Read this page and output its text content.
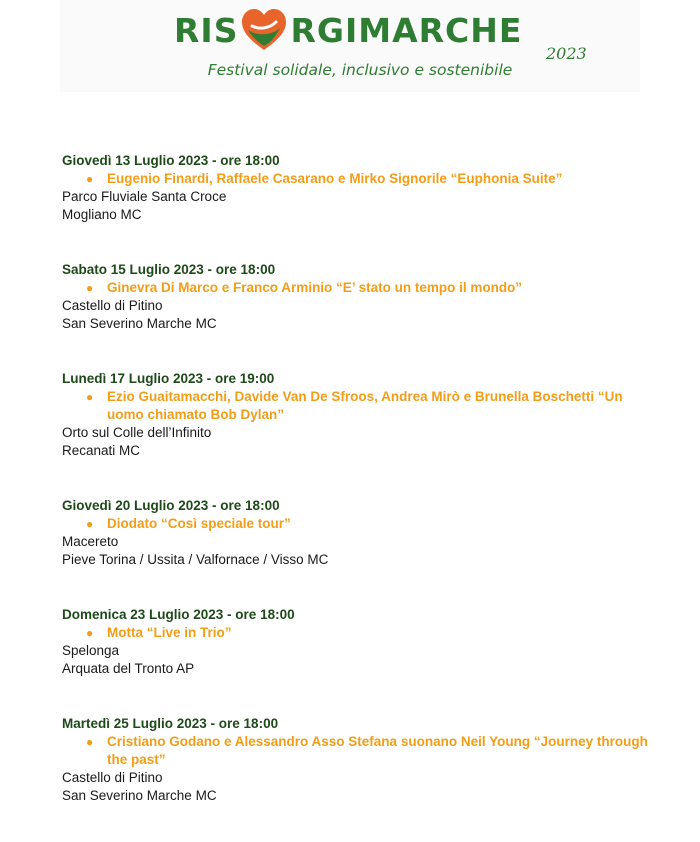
RIS RGIMARCHE
2023
Festival solidale, inclusivo e sostenibile
Giovedì 13 Luglio 2023 - ore 18:00
● Eugenio Finardi, Raffaele Casarano e Mirko Signorile “Euphonia Suite”
Parco Fluviale Santa Croce
Mogliano MC
Sabato 15 Luglio 2023 - ore 18:00
● Ginevra Di Marco e Franco Arminio “E’ stato un tempo il mondo”
Castello di Pitino
San Severino Marche MC
Lunedì 17 Luglio 2023 - ore 19:00
● Ezio Guaitamacchi, Davide Van De Sfroos, Andrea Mirò e Brunella Boschetti “Un uomo chiamato Bob Dylan”
Orto sul Colle dell’Infinito
Recanati MC
Giovedì 20 Luglio 2023 - ore 18:00
● Diodato “Così speciale tour”
Macereto
Pieve Torina / Ussita / Valfornace / Visso MC
Domenica 23 Luglio 2023 - ore 18:00
● Motta “Live in Trio”
Spelonga
Arquata del Tronto AP
Martedì 25 Luglio 2023 - ore 18:00
● Cristiano Godano e Alessandro Asso Stefana suonano Neil Young “Journey through the past”
Castello di Pitino
San Severino Marche MC
